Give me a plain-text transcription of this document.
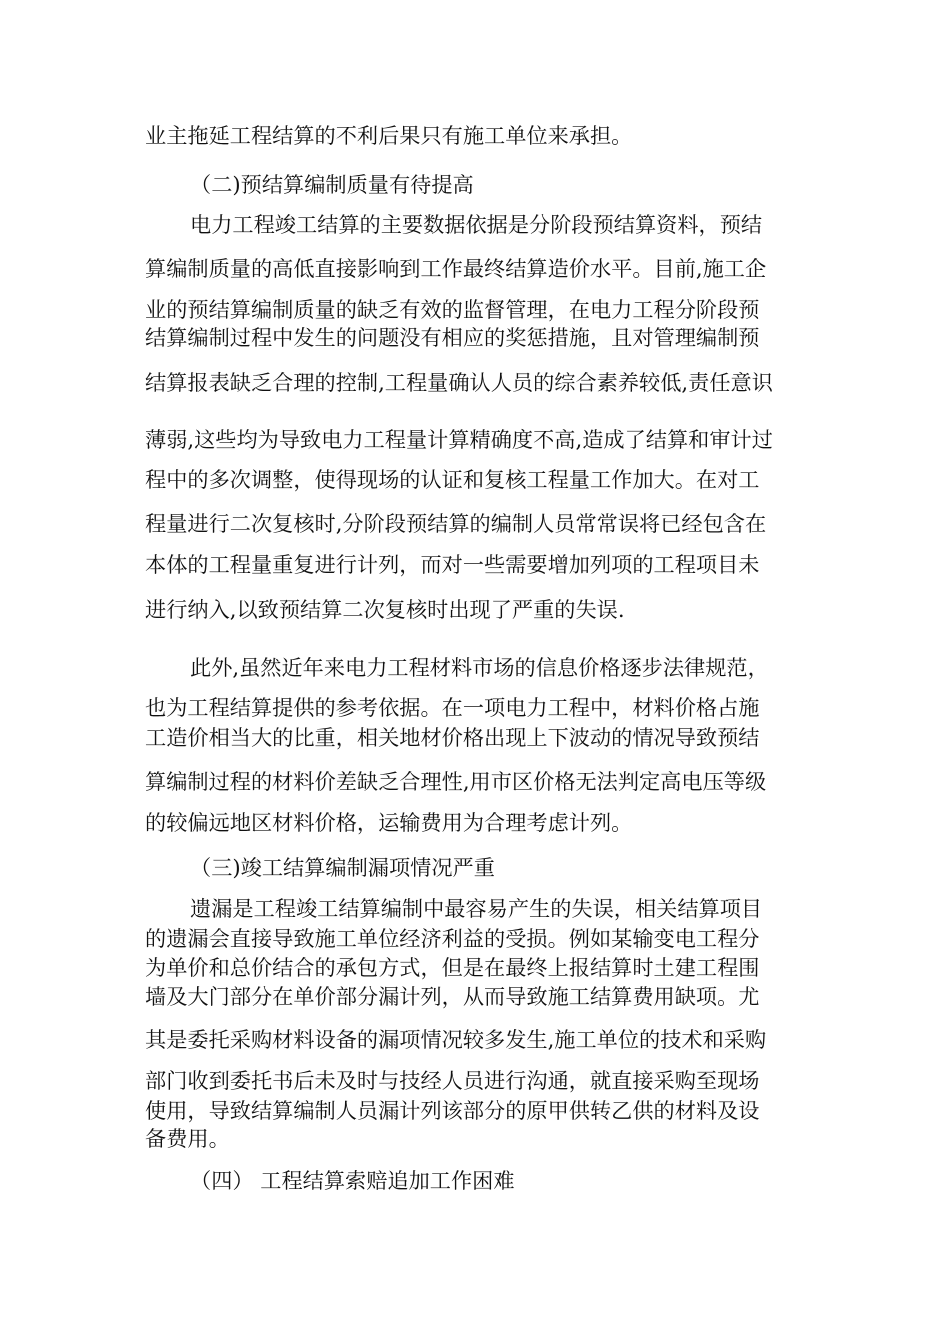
业主拖延工程结算的不利后果只有施工单位来承担。
（二)预结算编制质量有待提高
电力工程竣工结算的主要数据依据是分阶段预结算资料，预结
算编制质量的高低直接影响到工作最终结算造价水平。目前,施工企
业的预结算编制质量的缺乏有效的监督管理，在电力工程分阶段预
结算编制过程中发生的问题没有相应的奖惩措施，且对管理编制预
结算报表缺乏合理的控制,工程量确认人员的综合素养较低,责任意识
薄弱,这些均为导致电力工程量计算精确度不高,造成了结算和审计过
程中的多次调整，使得现场的认证和复核工程量工作加大。在对工
程量进行二次复核时,分阶段预结算的编制人员常常误将已经包含在
本体的工程量重复进行计列，而对一些需要增加列项的工程项目未
进行纳入,以致预结算二次复核时出现了严重的失误.
此外,虽然近年来电力工程材料市场的信息价格逐步法律规范，
也为工程结算提供的参考依据。在一项电力工程中，材料价格占施
工造价相当大的比重，相关地材价格出现上下波动的情况导致预结
算编制过程的材料价差缺乏合理性,用市区价格无法判定高电压等级
的较偏远地区材料价格，运输费用为合理考虑计列。
（三)竣工结算编制漏项情况严重
遗漏是工程竣工结算编制中最容易产生的失误，相关结算项目
的遗漏会直接导致施工单位经济利益的受损。例如某输变电工程分
为单价和总价结合的承包方式，但是在最终上报结算时土建工程围
墙及大门部分在单价部分漏计列，从而导致施工结算费用缺项。尤
其是委托采购材料设备的漏项情况较多发生,施工单位的技术和采购
部门收到委托书后未及时与技经人员进行沟通，就直接采购至现场
使用，导致结算编制人员漏计列该部分的原甲供转乙供的材料及设
备费用。
（四） 工程结算索赔追加工作困难
